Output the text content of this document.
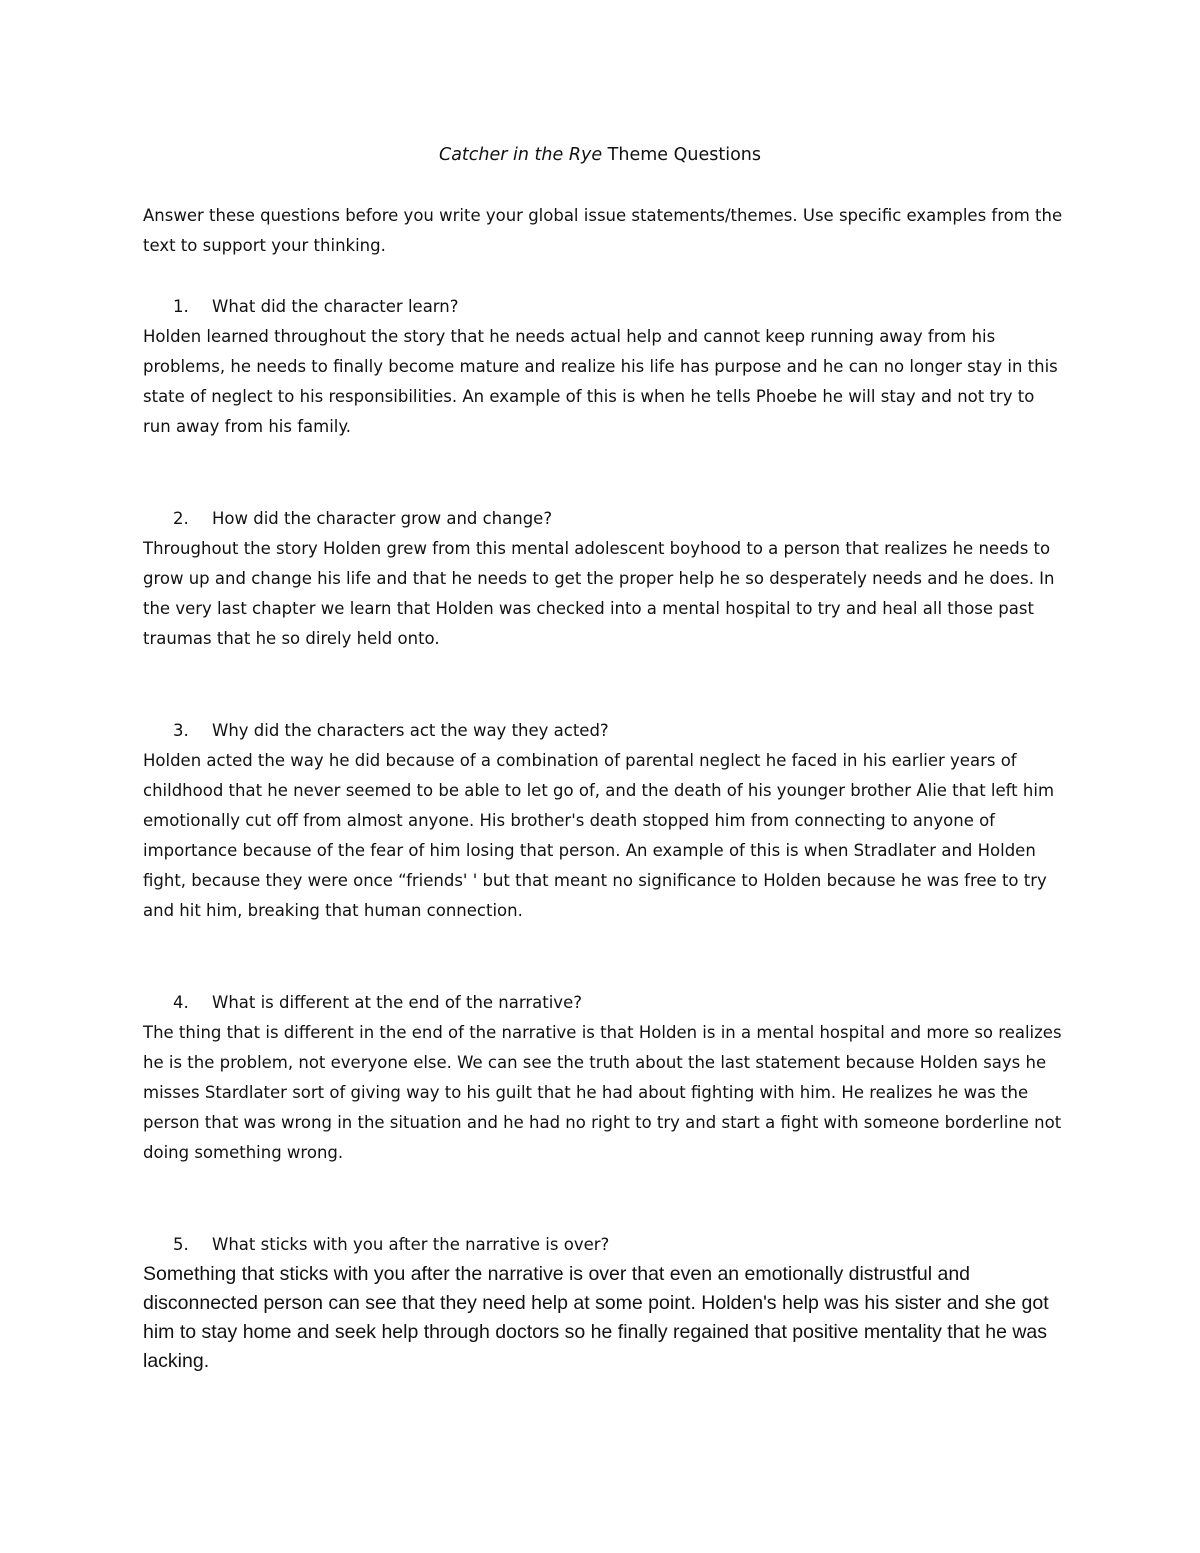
Catcher in the Rye Theme Questions
Answer these questions before you write your global issue statements/themes. Use specific examples from the text to support your thinking.
1.	What did the character learn?
Holden learned throughout the story that he needs actual help and cannot keep running away from his problems, he needs to finally become mature and realize his life has purpose and he can no longer stay in this state of neglect to his responsibilities. An example of this is when he tells Phoebe he will stay and not try to run away from his family.
2.	How did the character grow and change?
Throughout the story Holden grew from this mental adolescent boyhood to a person that realizes he needs to grow up and change his life and that he needs to get the proper help he so desperately needs and he does. In the very last chapter we learn that Holden was checked into a mental hospital to try and heal all those past traumas that he so direly held onto.
3.	Why did the characters act the way they acted?
Holden acted the way he did because of a combination of parental neglect he faced in his earlier years of childhood that he never seemed to be able to let go of, and the death of his younger brother Alie that left him emotionally cut off from almost anyone. His brother's death stopped him from connecting to anyone of importance because of the fear of him losing that person. An example of this is when Stradlater and Holden fight, because they were once “friends' ' but that meant no significance to Holden because he was free to try and hit him, breaking that human connection.
4.	What is different at the end of the narrative?
The thing that is different in the end of the narrative is that Holden is in a mental hospital and more so realizes he is the problem, not everyone else. We can see the truth about the last statement because Holden says he misses Stardlater sort of giving way to his guilt that he had about fighting with him. He realizes he was the person that was wrong in the situation and he had no right to try and start a fight with someone borderline not doing something wrong.
5.	What sticks with you after the narrative is over?
Something that sticks with you after the narrative is over that even an emotionally distrustful and disconnected person can see that they need help at some point. Holden's help was his sister and she got him to stay home and seek help through doctors so he finally regained that positive mentality that he was lacking.
